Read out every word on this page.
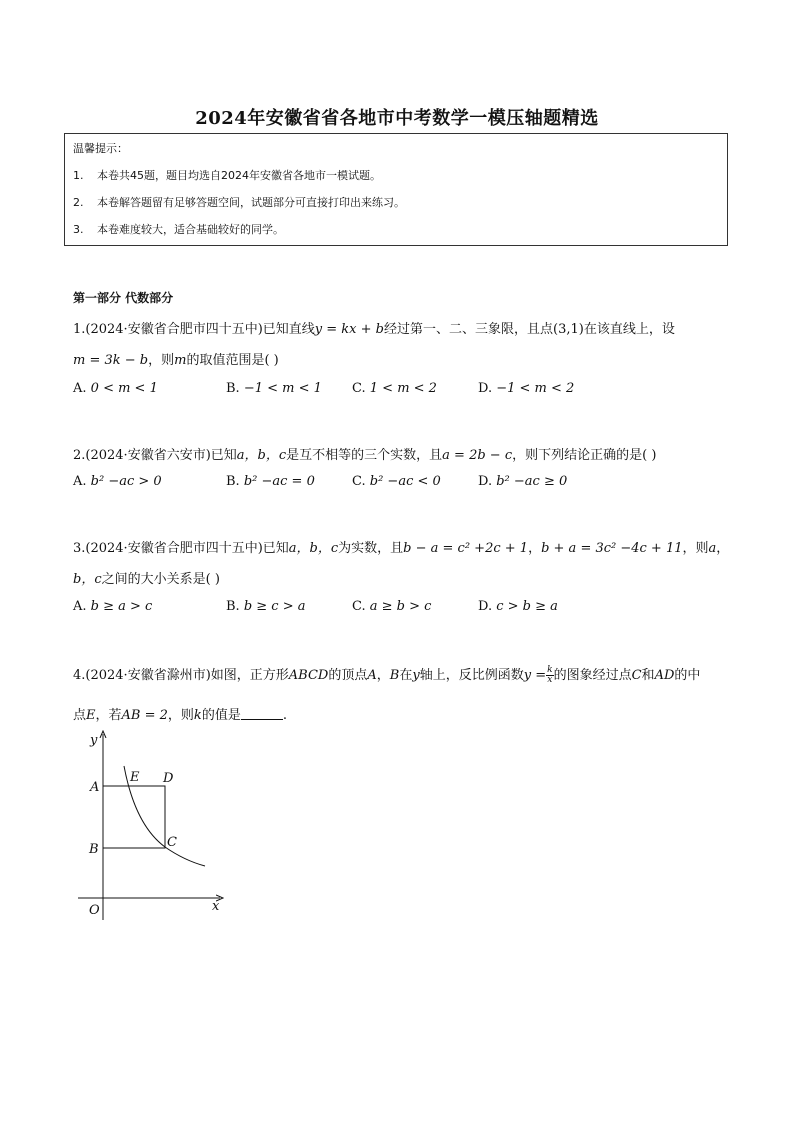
2024年安徽省省各地市中考数学一模压轴题精选
温馨提示：
1. 本卷共45题，题目均选自2024年安徽省各地市一模试题。
2. 本卷解答题留有足够答题空间，试题部分可直接打印出来练习。
3. 本卷难度较大，适合基础较好的同学。
第一部分 代数部分
1.(2024·安徽省合肥市四十五中)已知直线y = kx + b经过第一、二、三象限，且点(3,1)在该直线上，设
m = 3k − b，则m的取值范围是( )
A. 0 < m < 1	B. −1 < m < 1 C. 1 < m < 2	D. −1 < m < 2
2.(2024·安徽省六安市)已知a，b，c是互不相等的三个实数，且a = 2b − c，则下列结论正确的是( )
A. b² −ac > 0	B. b² −ac = 0	C. b² −ac < 0	D. b² −ac ≥ 0
3.(2024·安徽省合肥市四十五中)已知a，b，c为实数，且b − a = c² +2c + 1，b + a = 3c² −4c + 11，则a，
b，c之间的大小关系是( )
A. b ≥ a > c	B. b ≥ c > a	C. a ≥ b > c	D. c > b ≥ a
4.(2024·安徽省滁州市)如图，正方形ABCD的顶点A，B在y轴上，反比例函数$y = \frac{k}{x}$ 的图象经过点C和AD的中
点E，若AB = 2，则k的值是	.
y
x
O
A
B	C
D
E
